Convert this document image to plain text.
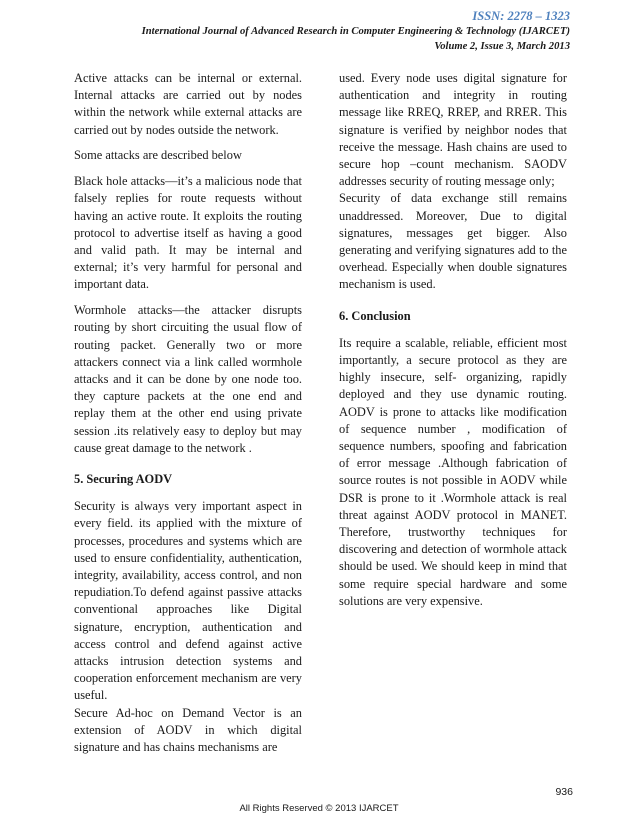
ISSN: 2278 – 1323
International Journal of Advanced Research in Computer Engineering & Technology (IJARCET)
Volume 2, Issue 3, March 2013

Active attacks can be internal or external. Internal attacks are carried out by nodes within the network while external attacks are carried out by nodes outside the network.

Some attacks are described below

Black hole attacks—it’s a malicious node that falsely replies for route requests without having an active route. It exploits the routing protocol to advertise itself as having a good and valid path. It may be internal and external; it’s very harmful for personal and important data.

Wormhole attacks—the attacker disrupts routing by short circuiting the usual flow of routing packet. Generally two or more attackers connect via a link called wormhole attacks and it can be done by one node too. they capture packets at the one end and replay them at the other end using private session .its relatively easy to deploy but may cause great damage to the network .

5. Securing AODV

Security is always very important aspect in every field. its applied with the mixture of processes, procedures and systems which are used to ensure confidentiality, authentication, integrity, availability, access control, and non repudiation.To defend against passive attacks conventional approaches like Digital signature, encryption, authentication and access control and defend against active attacks intrusion detection systems and cooperation enforcement mechanism are very useful.

Secure Ad-hoc on Demand Vector is an extension of AODV in which digital signature and has chains mechanisms are

used. Every node uses digital signature for authentication and integrity in routing message like RREQ, RREP, and RRER. This signature is verified by neighbor nodes that receive the message. Hash chains are used to secure hop –count mechanism. SAODV addresses security of routing message only;

Security of data exchange still remains unaddressed. Moreover, Due to digital signatures, messages get bigger. Also generating and verifying signatures add to the overhead. Especially when double signatures mechanism is used.

6. Conclusion

Its require a scalable, reliable, efficient most importantly, a secure protocol as they are highly insecure, self- organizing, rapidly deployed and they use dynamic routing. AODV is prone to attacks like modification of sequence number , modification of sequence numbers, spoofing and fabrication of error message .Although fabrication of source routes is not possible in AODV while DSR is prone to it .Wormhole attack is real threat against AODV protocol in MANET. Therefore, trustworthy techniques for discovering and detection of wormhole attack should be used. We should keep in mind that some require special hardware and some solutions are very expensive.

936
All Rights Reserved © 2013 IJARCET
